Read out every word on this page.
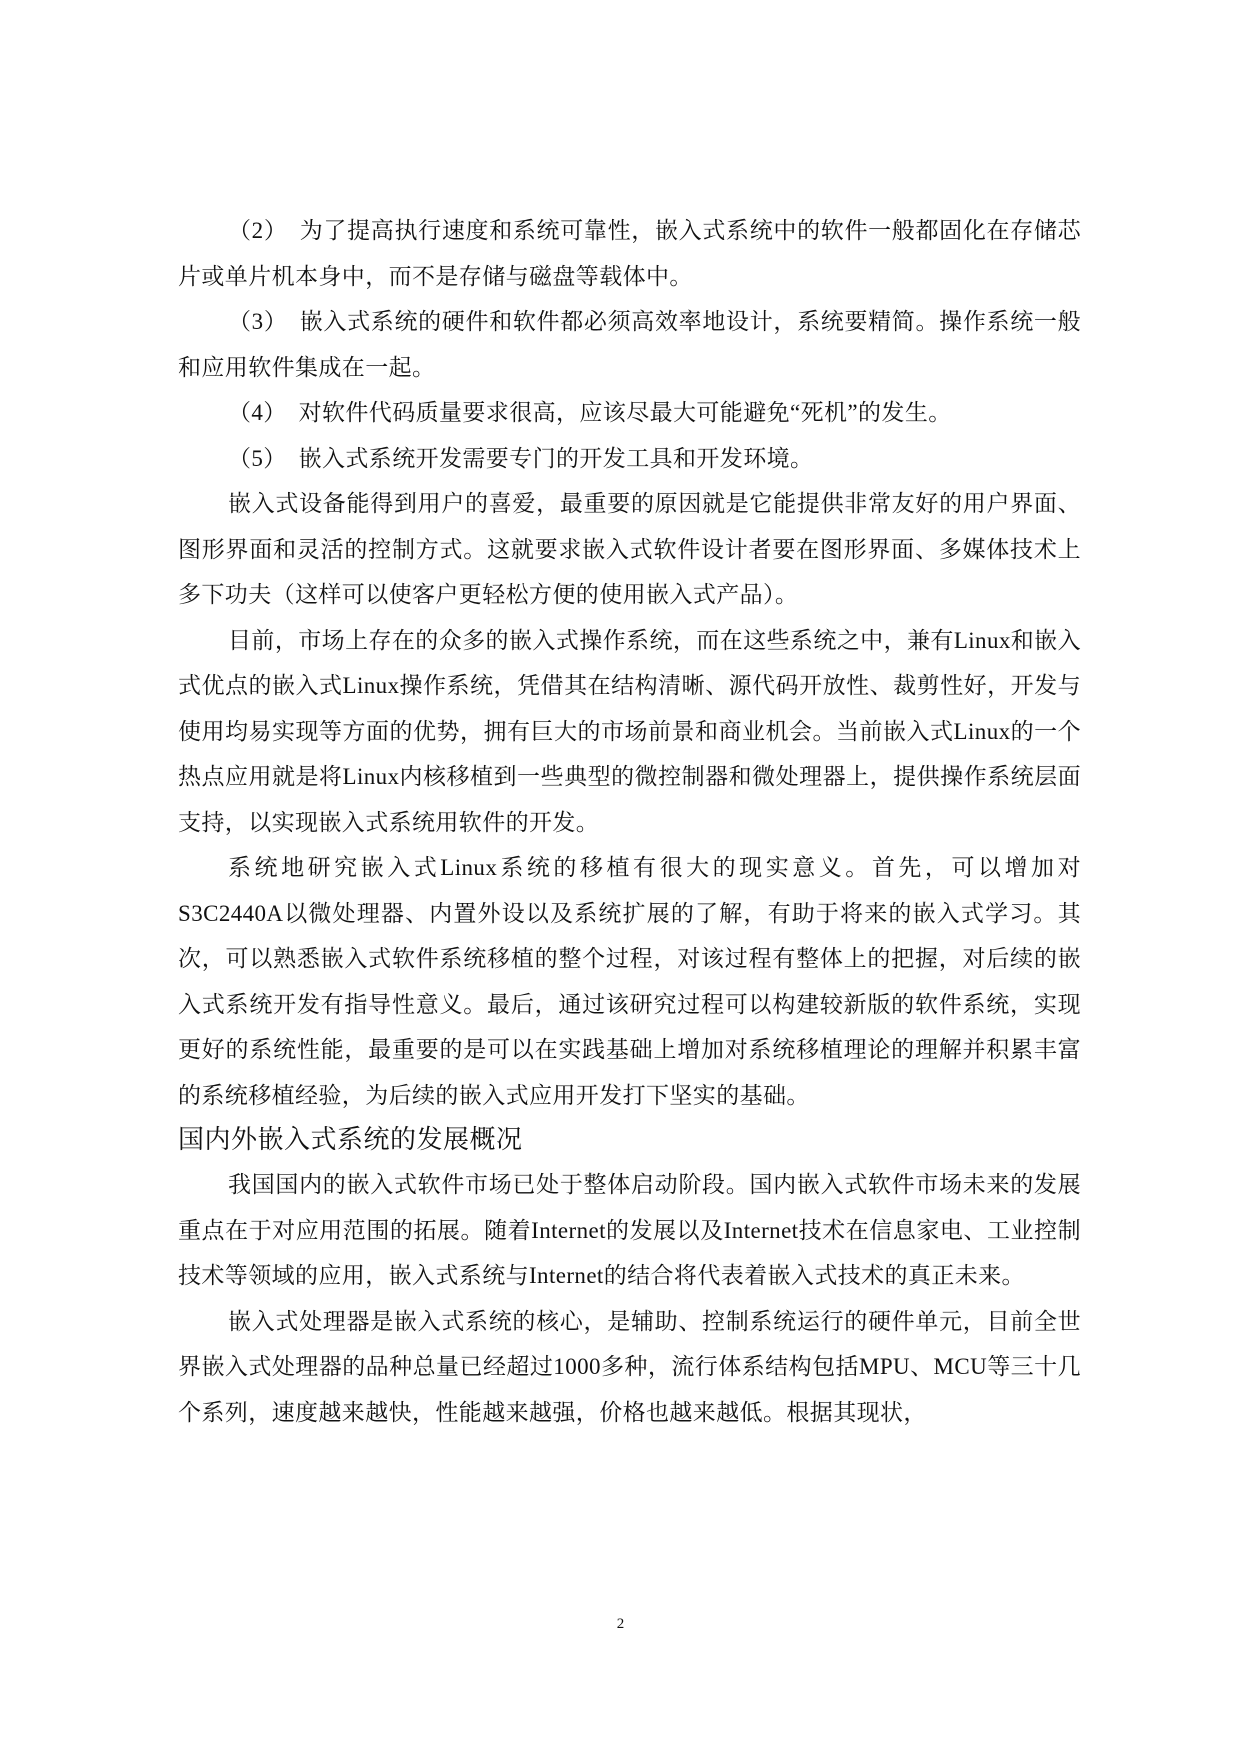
（2）　为了提高执行速度和系统可靠性，嵌入式系统中的软件一般都固化在存储芯片或单片机本身中，而不是存储与磁盘等载体中。

（3）　嵌入式系统的硬件和软件都必须高效率地设计，系统要精简。操作系统一般和应用软件集成在一起。

（4）　对软件代码质量要求很高，应该尽最大可能避免“死机”的发生。

（5）　嵌入式系统开发需要专门的开发工具和开发环境。

嵌入式设备能得到用户的喜爱，最重要的原因就是它能提供非常友好的用户界面、图形界面和灵活的控制方式。这就要求嵌入式软件设计者要在图形界面、多媒体技术上多下功夫（这样可以使客户更轻松方便的使用嵌入式产品）。

目前，市场上存在的众多的嵌入式操作系统，而在这些系统之中，兼有Linux和嵌入式优点的嵌入式Linux操作系统，凭借其在结构清晰、源代码开放性、裁剪性好，开发与使用均易实现等方面的优势，拥有巨大的市场前景和商业机会。当前嵌入式Linux的一个热点应用就是将Linux内核移植到一些典型的微控制器和微处理器上，提供操作系统层面支持，以实现嵌入式系统用软件的开发。

系统地研究嵌入式Linux系统的移植有很大的现实意义。首先，可以增加对S3C2440A以微处理器、内置外设以及系统扩展的了解，有助于将来的嵌入式学习。其次，可以熟悉嵌入式软件系统移植的整个过程，对该过程有整体上的把握，对后续的嵌入式系统开发有指导性意义。最后，通过该研究过程可以构建较新版的软件系统，实现更好的系统性能，最重要的是可以在实践基础上增加对系统移植理论的理解并积累丰富的系统移植经验，为后续的嵌入式应用开发打下坚实的基础。

国内外嵌入式系统的发展概况

我国国内的嵌入式软件市场已处于整体启动阶段。国内嵌入式软件市场未来的发展重点在于对应用范围的拓展。随着Internet的发展以及Internet技术在信息家电、工业控制技术等领域的应用，嵌入式系统与Internet的结合将代表着嵌入式技术的真正未来。

嵌入式处理器是嵌入式系统的核心，是辅助、控制系统运行的硬件单元，目前全世界嵌入式处理器的品种总量已经超过1000多种，流行体系结构包括MPU、MCU等三十几个系列，速度越来越快，性能越来越强，价格也越来越低。根据其现状，

2
